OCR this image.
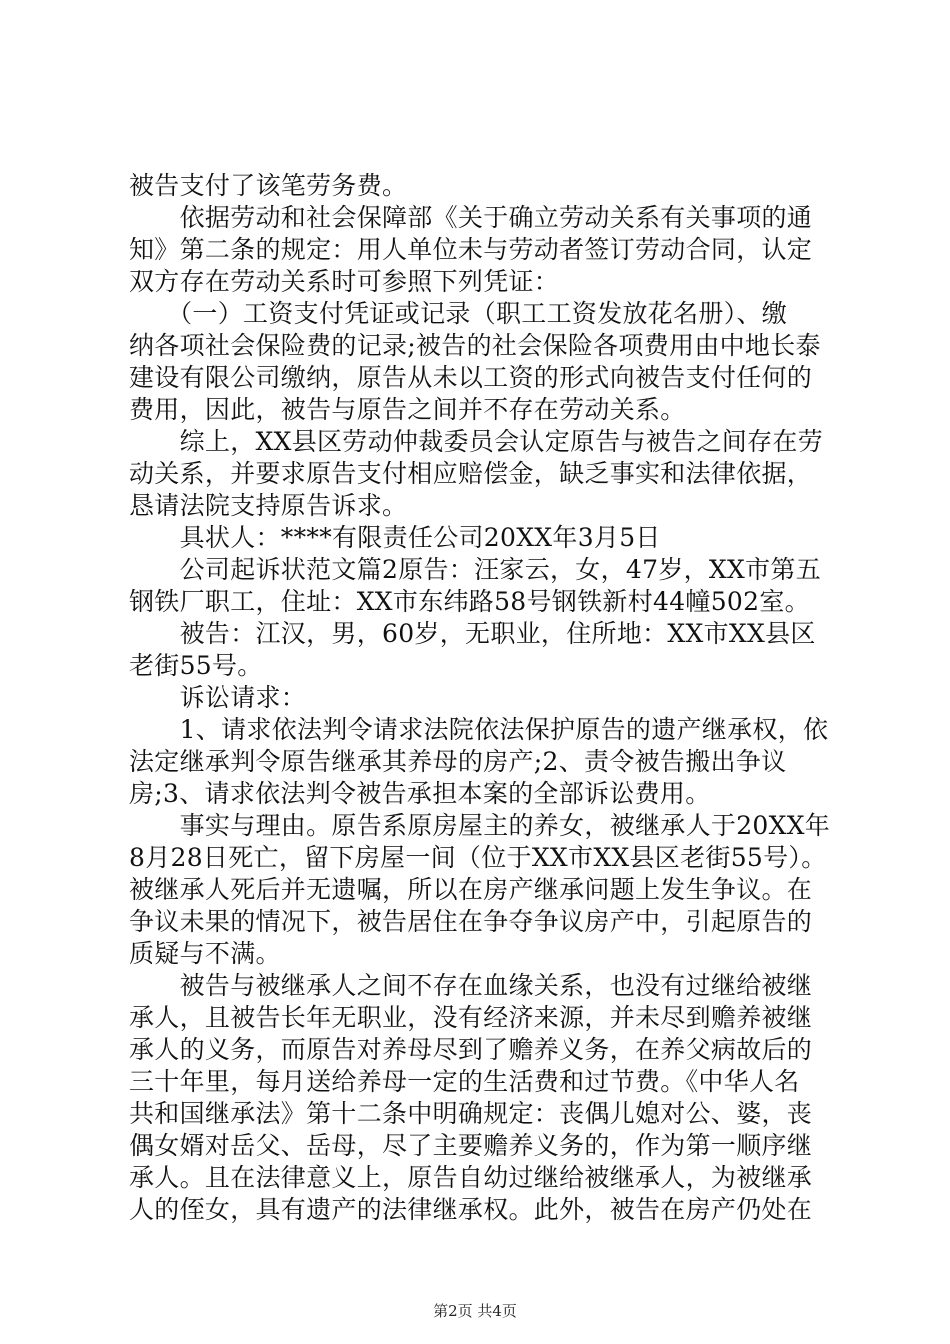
被告支付了该笔劳务费。
　　依据劳动和社会保障部《关于确立劳动关系有关事项的通
知》第二条的规定：用人单位未与劳动者签订劳动合同，认定
双方存在劳动关系时可参照下列凭证：
　　（一）工资支付凭证或记录（职工工资发放花名册）、缴
纳各项社会保险费的记录;被告的社会保险各项费用由中地长泰
建设有限公司缴纳，原告从未以工资的形式向被告支付任何的
费用，因此，被告与原告之间并不存在劳动关系。
　　综上，XX县区劳动仲裁委员会认定原告与被告之间存在劳
动关系，并要求原告支付相应赔偿金，缺乏事实和法律依据，
恳请法院支持原告诉求。
　　具状人：****有限责任公司20XX年3月5日
　　公司起诉状范文篇2原告：汪家云，女，47岁，XX市第五
钢铁厂职工，住址：XX市东纬路58号钢铁新村44幢502室。
　　被告：江汉，男，60岁，无职业，住所地：XX市XX县区
老街55号。
　　诉讼请求：
　　1、请求依法判令请求法院依法保护原告的遗产继承权，依
法定继承判令原告继承其养母的房产;2、责令被告搬出争议
房;3、请求依法判令被告承担本案的全部诉讼费用。
　　事实与理由。原告系原房屋主的养女，被继承人于20XX年
8月28日死亡，留下房屋一间（位于XX市XX县区老街55号）。
被继承人死后并无遗嘱，所以在房产继承问题上发生争议。在
争议未果的情况下，被告居住在争夺争议房产中，引起原告的
质疑与不满。
　　被告与被继承人之间不存在血缘关系，也没有过继给被继
承人，且被告长年无职业，没有经济来源，并未尽到赡养被继
承人的义务，而原告对养母尽到了赡养义务，在养父病故后的
三十年里，每月送给养母一定的生活费和过节费。《中华人名
共和国继承法》第十二条中明确规定：丧偶儿媳对公、婆，丧
偶女婿对岳父、岳母，尽了主要赡养义务的，作为第一顺序继
承人。且在法律意义上，原告自幼过继给被继承人，为被继承
人的侄女，具有遗产的法律继承权。此外，被告在房产仍处在
第2页 共4页
